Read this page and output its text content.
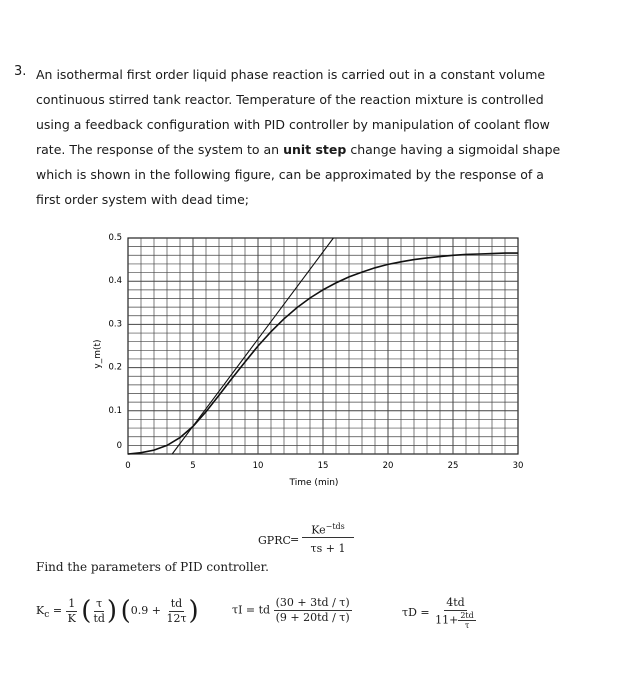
3. An isothermal first order liquid phase reaction is carried out in a constant volume
continuous stirred tank reactor. Temperature of the reaction mixture is controlled
using a feedback configuration with PID controller by manipulation of coolant flow
rate. The response of the system to an unit step change having a sigmoidal shape
which is shown in the following figure, can be approximated by the response of a
first order system with dead time;
0	5	10	15	20	25	30
0
0.1
0.2
0.3
0.4
0.5
Time (min)
y_m(t)
GPRC =
$Ke^{-tds}$
τs + 1
Find the parameters of PID controller.
$K_c = \frac{1}{K}$ ( $\frac{\tau}{td}$ ) ($0.9 + \frac{td}{12\tau}$ )	τI = td $\frac{(30 + 3td / \tau)}{(9 + 20td / \tau)}$	$\tau D = \frac{4td}{11+ \frac{2td}{\tau}}$
